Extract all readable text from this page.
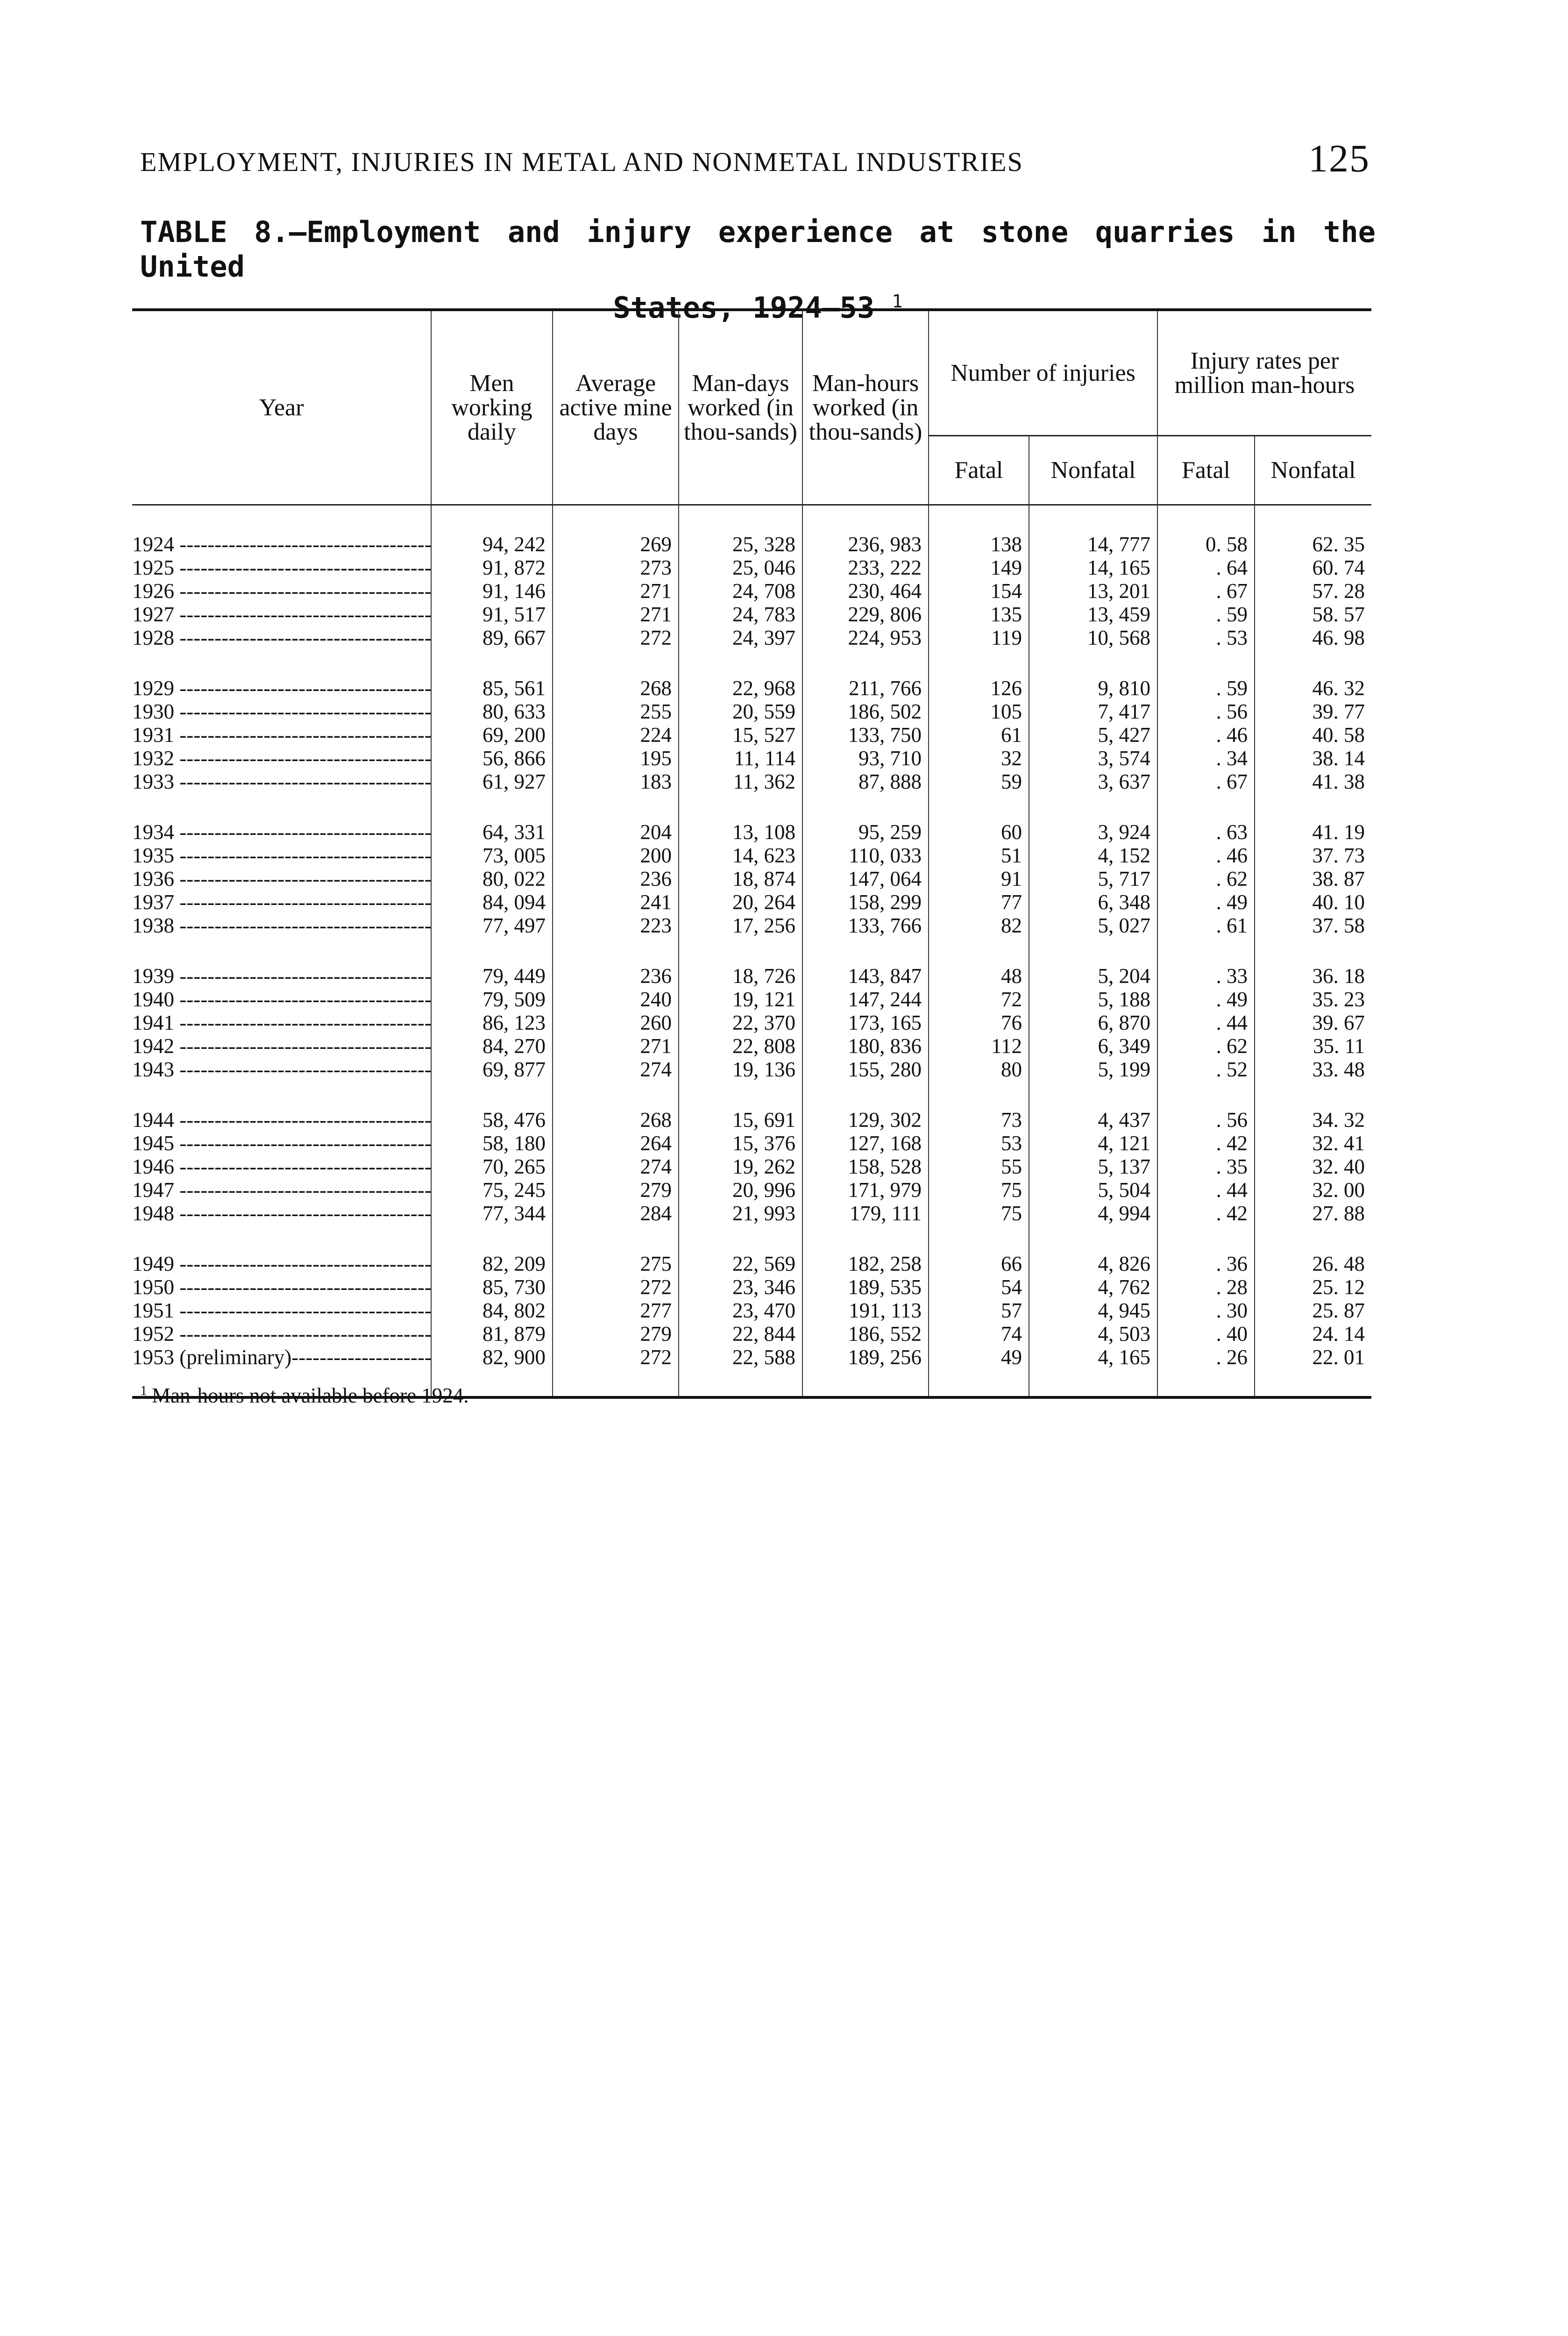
EMPLOYMENT, INJURIES IN METAL AND NONMETAL INDUSTRIES	125
TABLE 8.—Employment and injury experience at stone quarries in the United
States, 1924–53 $^1$
Year	Men working daily	Average active mine days	Man-days worked (in thou-sands)	Man-hours worked (in thou-sands)	Number of injuries		Injury rates per million man-hours	
					Fatal	Nonfatal	Fatal	Nonfatal
1924 -----	94, 242	269	25, 328	236, 983	138	14, 777	0. 58	62. 35
1925 -----	91, 872	273	25, 046	233, 222	149	14, 165	. 64	60. 74
1926 -----	91, 146	271	24, 708	230, 464	154	13, 201	. 67	57. 28
1927 -----	91, 517	271	24, 783	229, 806	135	13, 459	. 59	58. 57
1928 -----	89, 667	272	24, 397	224, 953	119	10, 568	. 53	46. 98
1929 -----	85, 561	268	22, 968	211, 766	126	9, 810	. 59	46. 32
1930 -----	80, 633	255	20, 559	186, 502	105	7, 417	. 56	39. 77
1931 -----	69, 200	224	15, 527	133, 750	61	5, 427	. 46	40. 58
1932 -----	56, 866	195	11, 114	93, 710	32	3, 574	. 34	38. 14
1933 -----	61, 927	183	11, 362	87, 888	59	3, 637	. 67	41. 38
1934 -----	64, 331	204	13, 108	95, 259	60	3, 924	. 63	41. 19
1935 -----	73, 005	200	14, 623	110, 033	51	4, 152	. 46	37. 73
1936 -----	80, 022	236	18, 874	147, 064	91	5, 717	. 62	38. 87
1937 -----	84, 094	241	20, 264	158, 299	77	6, 348	. 49	40. 10
1938 -----	77, 497	223	17, 256	133, 766	82	5, 027	. 61	37. 58
1939 -----	79, 449	236	18, 726	143, 847	48	5, 204	. 33	36. 18
1940 -----	79, 509	240	19, 121	147, 244	72	5, 188	. 49	35. 23
1941 -----	86, 123	260	22, 370	173, 165	76	6, 870	. 44	39. 67
1942 -----	84, 270	271	22, 808	180, 836	112	6, 349	. 62	35. 11
1943 -----	69, 877	274	19, 136	155, 280	80	5, 199	. 52	33. 48
1944 -----	58, 476	268	15, 691	129, 302	73	4, 437	. 56	34. 32
1945 -----	58, 180	264	15, 376	127, 168	53	4, 121	. 42	32. 41
1946 -----	70, 265	274	19, 262	158, 528	55	5, 137	. 35	32. 40
1947 -----	75, 245	279	20, 996	171, 979	75	5, 504	. 44	32. 00
1948 -----	77, 344	284	21, 993	179, 111	75	4, 994	. 42	27. 88
1949 -----	82, 209	275	22, 569	182, 258	66	4, 826	. 36	26. 48
1950 -----	85, 730	272	23, 346	189, 535	54	4, 762	. 28	25. 12
1951 -----	84, 802	277	23, 470	191, 113	57	4, 945	. 30	25. 87
1952 -----	81, 879	279	22, 844	186, 552	74	4, 503	. 40	24. 14
1953 (preliminary) -----	82, 900	272	22, 588	189, 256	49	4, 165	. 26	22. 01
$^1$ Man-hours not available before 1924.
